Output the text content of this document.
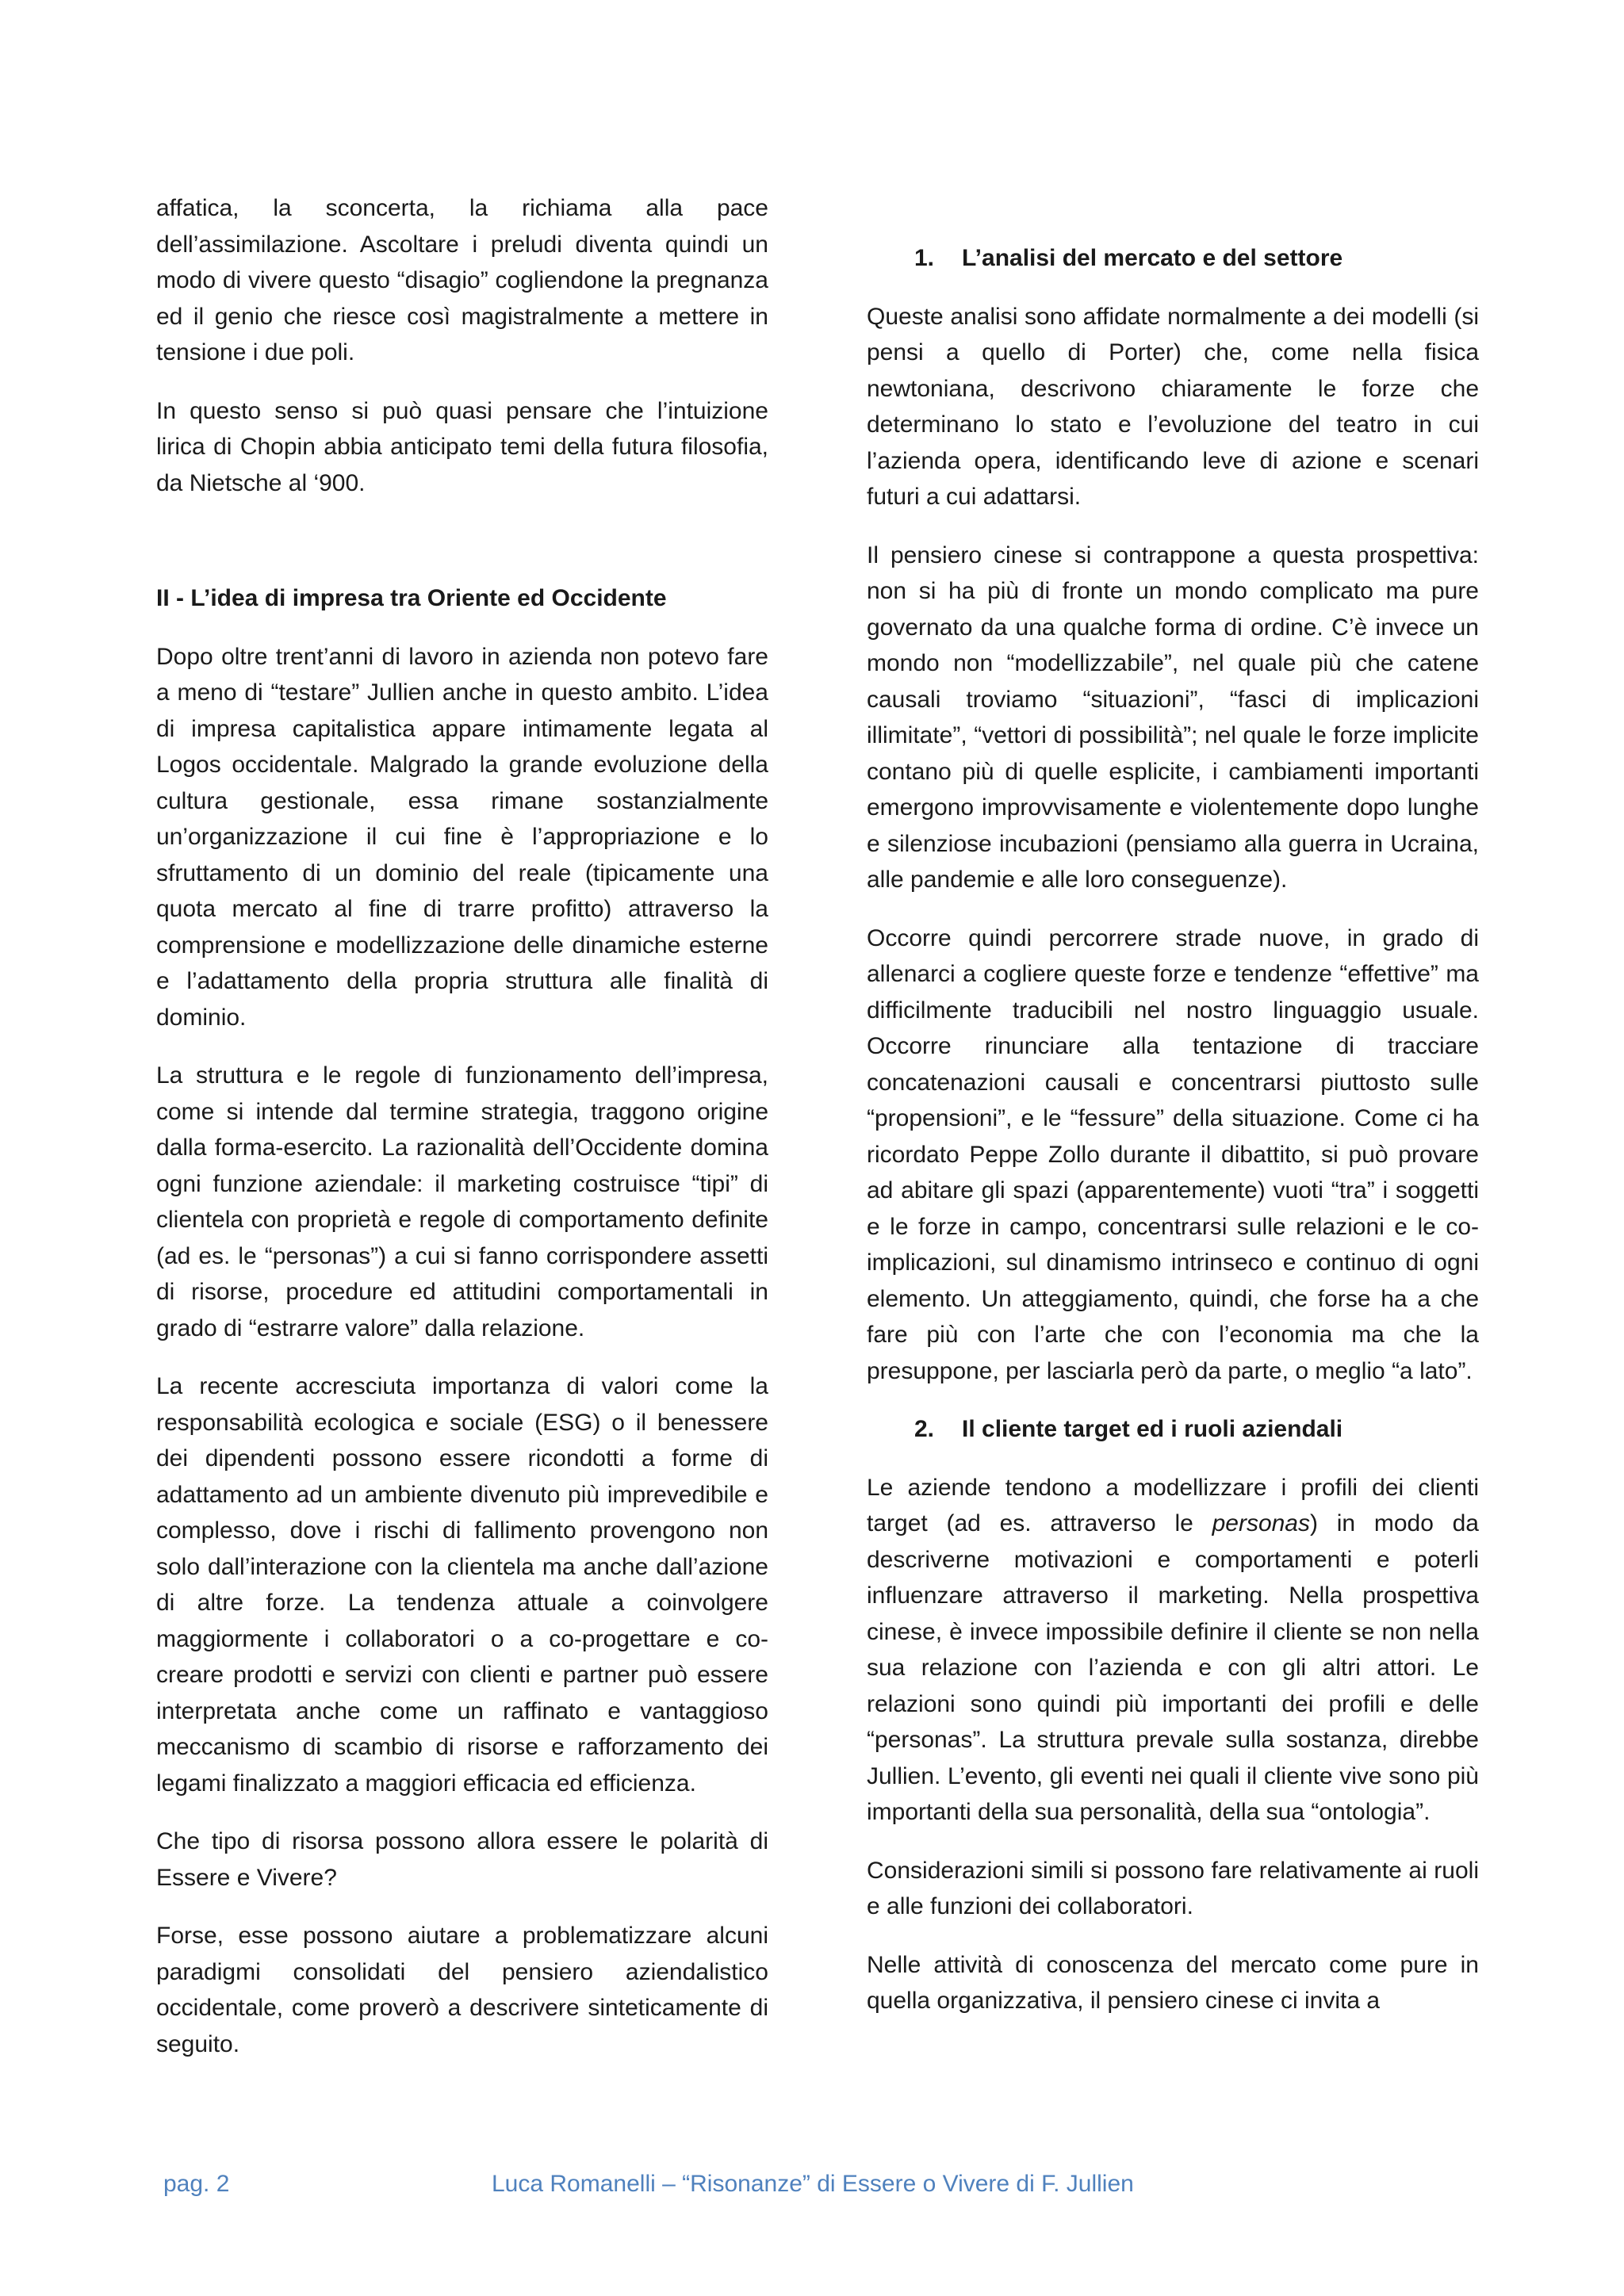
affatica, la sconcerta, la richiama alla pace dell’assimilazione. Ascoltare i preludi diventa quindi un modo di vivere questo “disagio” cogliendone la pregnanza ed il genio che riesce così magistralmente a mettere in tensione i due poli.

In questo senso si può quasi pensare che l’intuizione lirica di Chopin abbia anticipato temi della futura filosofia, da Nietsche al ‘900.

II - L’idea di impresa tra Oriente ed Occidente

Dopo oltre trent’anni di lavoro in azienda non potevo fare a meno di “testare” Jullien anche in questo ambito. L’idea di impresa capitalistica appare intimamente legata al Logos occidentale. Malgrado la grande evoluzione della cultura gestionale, essa rimane sostanzialmente un’organizzazione il cui fine è l’appropriazione e lo sfruttamento di un dominio del reale (tipicamente una quota mercato al fine di trarre profitto) attraverso la comprensione e modellizzazione delle dinamiche esterne e l’adattamento della propria struttura alle finalità di dominio.

La struttura e le regole di funzionamento dell’impresa, come si intende dal termine strategia, traggono origine dalla forma-esercito. La razionalità dell’Occidente domina ogni funzione aziendale: il marketing costruisce “tipi” di clientela con proprietà e regole di comportamento definite (ad es. le “personas”) a cui si fanno corrispondere assetti di risorse, procedure ed attitudini comportamentali in grado di “estrarre valore” dalla relazione.

La recente accresciuta importanza di valori come la responsabilità ecologica e sociale (ESG) o il benessere dei dipendenti possono essere ricondotti a forme di adattamento ad un ambiente divenuto più imprevedibile e complesso, dove i rischi di fallimento provengono non solo dall’interazione con la clientela ma anche dall’azione di altre forze. La tendenza attuale a coinvolgere maggiormente i collaboratori o a co-progettare e co-creare prodotti e servizi con clienti e partner può essere interpretata anche come un raffinato e vantaggioso meccanismo di scambio di risorse e rafforzamento dei legami finalizzato a maggiori efficacia ed efficienza.

Che tipo di risorsa possono allora essere le polarità di Essere e Vivere?

Forse, esse possono aiutare a problematizzare alcuni paradigmi consolidati del pensiero aziendalistico occidentale, come proverò a descrivere sinteticamente di seguito.

1. L’analisi del mercato e del settore

Queste analisi sono affidate normalmente a dei modelli (si pensi a quello di Porter) che, come nella fisica newtoniana, descrivono chiaramente le forze che determinano lo stato e l’evoluzione del teatro in cui l’azienda opera, identificando leve di azione e scenari futuri a cui adattarsi.

Il pensiero cinese si contrappone a questa prospettiva: non si ha più di fronte un mondo complicato ma pure governato da una qualche forma di ordine. C’è invece un mondo non “modellizzabile”, nel quale più che catene causali troviamo “situazioni”, “fasci di implicazioni illimitate”, “vettori di possibilità”; nel quale le forze implicite contano più di quelle esplicite, i cambiamenti importanti emergono improvvisamente e violentemente dopo lunghe e silenziose incubazioni (pensiamo alla guerra in Ucraina, alle pandemie e alle loro conseguenze).

Occorre quindi percorrere strade nuove, in grado di allenarci a cogliere queste forze e tendenze “effettive” ma difficilmente traducibili nel nostro linguaggio usuale. Occorre rinunciare alla tentazione di tracciare concatenazioni causali e concentrarsi piuttosto sulle “propensioni”, e le “fessure” della situazione. Come ci ha ricordato Peppe Zollo durante il dibattito, si può provare ad abitare gli spazi (apparentemente) vuoti “tra” i soggetti e le forze in campo, concentrarsi sulle relazioni e le co-implicazioni, sul dinamismo intrinseco e continuo di ogni elemento. Un atteggiamento, quindi, che forse ha a che fare più con l’arte che con l’economia ma che la presuppone, per lasciarla però da parte, o meglio “a lato”.

2. Il cliente target ed i ruoli aziendali

Le aziende tendono a modellizzare i profili dei clienti target (ad es. attraverso le personas) in modo da descriverne motivazioni e comportamenti e poterli influenzare attraverso il marketing. Nella prospettiva cinese, è invece impossibile definire il cliente se non nella sua relazione con l’azienda e con gli altri attori. Le relazioni sono quindi più importanti dei profili e delle “personas”. La struttura prevale sulla sostanza, direbbe Jullien. L’evento, gli eventi nei quali il cliente vive sono più importanti della sua personalità, della sua “ontologia”.

Considerazioni simili si possono fare relativamente ai ruoli e alle funzioni dei collaboratori.

Nelle attività di conoscenza del mercato come pure in quella organizzativa, il pensiero cinese ci invita a

pag. 2	Luca Romanelli – “Risonanze” di Essere o Vivere di F. Jullien
